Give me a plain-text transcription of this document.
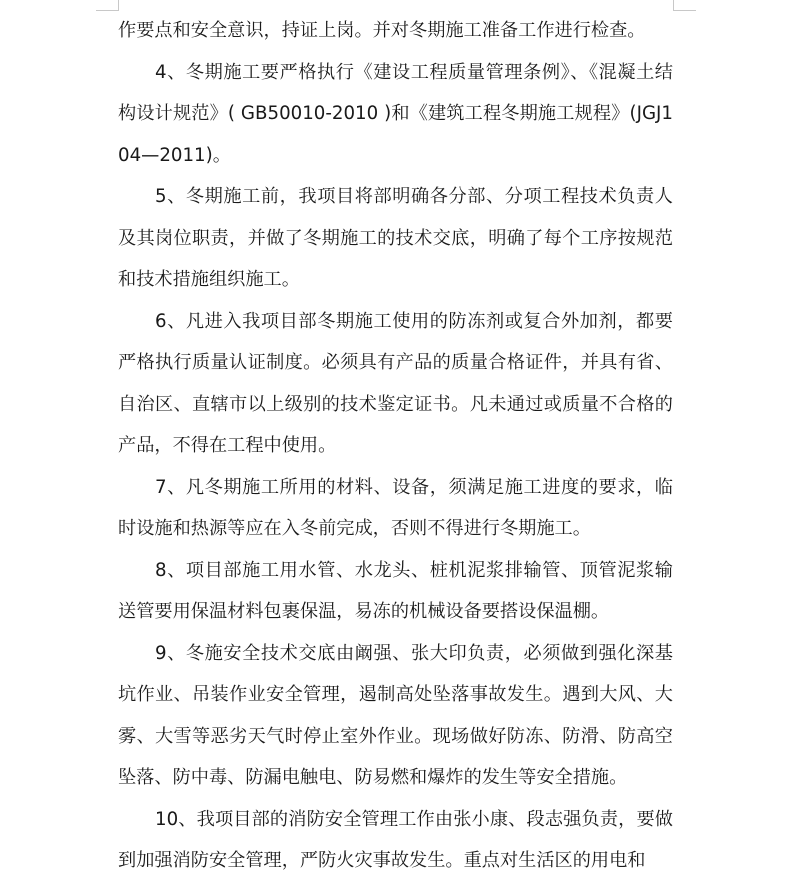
作要点和安全意识，持证上岗。并对冬期施工准备工作进行检查。

4、冬期施工要严格执行《建设工程质量管理条例》、《混凝土结构设计规范》( GB50010-2010 )和《建筑工程冬期施工规程》(JGJ104—2011)。

5、冬期施工前，我项目将部明确各分部、分项工程技术负责人及其岗位职责，并做了冬期施工的技术交底，明确了每个工序按规范和技术措施组织施工。

6、凡进入我项目部冬期施工使用的防冻剂或复合外加剂，都要严格执行质量认证制度。必须具有产品的质量合格证件，并具有省、自治区、直辖市以上级别的技术鉴定证书。凡未通过或质量不合格的产品，不得在工程中使用。

7、凡冬期施工所用的材料、设备，须满足施工进度的要求，临时设施和热源等应在入冬前完成，否则不得进行冬期施工。

8、项目部施工用水管、水龙头、桩机泥浆排输管、顶管泥浆输送管要用保温材料包裹保温，易冻的机械设备要搭设保温棚。

9、冬施安全技术交底由阚强、张大印负责，必须做到强化深基坑作业、吊装作业安全管理，遏制高处坠落事故发生。遇到大风、大雾、大雪等恶劣天气时停止室外作业。现场做好防冻、防滑、防高空坠落、防中毒、防漏电触电、防易燃和爆炸的发生等安全措施。

10、我项目部的消防安全管理工作由张小康、段志强负责，要做到加强消防安全管理，严防火灾事故发生。重点对生活区的用电和
